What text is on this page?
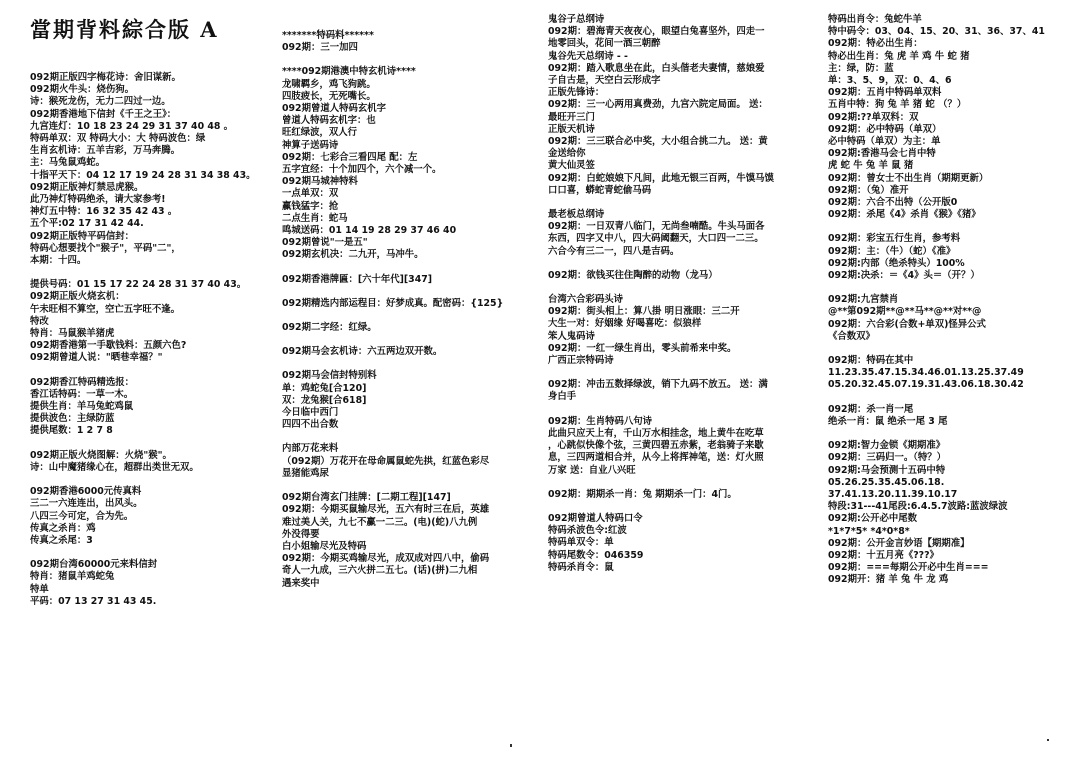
當期背料綜合版 A

092期正版四字梅花诗：舍旧谋新。

092期火牛头：烧伤狗。

诗：猴死龙伤，无力二四过一边。

092期香港地下信封《千王之王》：

九宫连灯：10 18 23 24 29 31 37 40 48 。

特码单双：双 特码大小：大 特码波色：绿

生肖玄机诗：五羊吉彩，万马奔腾。

主：马兔鼠鸡蛇。

十指平天下：04 12 17 19 24 28 31 34 38 43。

092期正版神灯禁忌虎猴。

此乃神灯特码绝杀，请大家参考!

神灯五中特：16 32 35 42 43 。

五个平:02 17 31 42 44.

092期正版特平码信封：

特码心想要找个"猴子"，平码"二"，

本期：十四。

提供号码：01 15 17 22 24 28 31 37 40 43。

092期正版火烧玄机：

午未旺相不算空，空亡五字旺不逢。

特改

特肖：马鼠猴羊猪虎

092期香港第一手歇钱料：五颜六色?

092期曾道人说："晒巷幸福？"

092期香江特码精选报：

香江话特码：一草一木。

提供生肖：羊马兔蛇鸡鼠

提供波色：主绿防蓝

提供尾数：1 2 7 8

092期正版火烧图解：火烧"猴"。

诗：山中魔猪缘心在，超群出类世无双。

092期香港6000元传真料

三二一六连连出，出风头。

八四三今可定，合为先。

传真之杀肖：鸡

传真之杀尾：3

092期台湾60000元来料信封

特肖：猪鼠羊鸡蛇兔

特单

平码：07 13 27 31 43 45.

*******特码料******

092期：三一加四

****092期港澳中特玄机诗****

龙啸羁乡，鸡飞狗跳。

四肢疲长，无死嘴长。

092期曾道人特码玄机字

曾道人特码玄机字：也

旺红绿波，双人行

神算子送码诗

092期：七彩合三看四尾 配：左

五字宜经：十个加四个，六个减一个。

092期马城神特料

一点单双：双

赢钱猛字：抢

二点生肖：蛇马

鸣城送码：01 14 19 28 29 37 46 40

092期曾说"一是五"

092期玄机决：二九开，马冲牛。

092期香港牌匾：[六十年代][347]

092期精选内部运程目：好梦成真。配密码：{125}

092期二字经：红绿。

092期马会玄机诗：六五两边双开数。

092期马会信封特别料

单：鸡蛇兔[合120]

双：龙兔猴[合618]

今日临中西门

四四不出合数

内部万花来料

（092期）万花开在母命属鼠蛇先拱，红蓝色彩尽

显猪能鸡尿

092期台湾玄门挂牌：[二期工程][147]

092期：今期买鼠输尽光，五六有时三在后，英雄

难过美人关，九七不赢一二三。(电)(蛇)八九例

外没得要

白小姐输尽光及特码

092期：今期买鸡输尽光，成双成对四八中，偷码

奇人一九成，三六火拼二五七。(话)(拼)二九相

遇来奖中

鬼谷子总纲诗

092期：碧海青天夜夜心，眼望白兔喜坚外，四走一

地零回头，花间一酒三朝醉

鬼谷先天总纲诗 - -

092期：踏入歌息坐在此，白头偕老夫妻情，慈娘爱

子自古是，天空白云形成字

正版先锋诗：

092期：三一心两用真费劲，九宫六院定局面。 送：

最旺开三门

正版天机诗

092期：三三联合必中奖，大小组合挑二九。 送：黄

金送给你

黄大仙灵签

092期：白蛇娘娘下凡间，此地无银三百两，牛馍马馍

口口喜，蟒蛇青蛇偷马码

最老板总纲诗

092期：一日双青八临门，无尚叁喃酷。牛头马面各

东西，四字又中八，四大码阈翻天，大口四一二三。

六合今有三二一，四八是吉码。

092期：欲钱买往住陶醉的动物（龙马）

台湾六合彩码头诗

092期：街头相上：算八掛 明日涨眼：三二开

大生一对：好姻缘 好喝喜吃：似狼样

笨人鬼码诗

092期：一红一绿生肖出，零头前希来中奖。

广西正宗特码诗

092期：冲击五数择绿波，销下九码不放五。 送：满

身白手

092期：生肖特码八句诗

此曲只应天上有，千山万水相挂念，地上黄牛在吃草

，心跳似快像个弦，三黄四碧五赤紫，老翁骑子来歇

息，三四两道相合并，从今上将挥神笔，送：灯火照

万家 送：自业八兴旺

092期：期期杀一肖：兔 期期杀一门：4门。

092期曾道人特码口令

特码杀波色令:红波

特码单双令：单

特码尾数令：046359

特码杀肖令：鼠

特码出肖令：兔蛇牛羊

特中码令：03、04、15、20、31、36、37、41

092期：特必出生肖：

特必出生肖：兔 虎 羊 鸡 牛 蛇 猪

主：绿，防：蓝

单：3、5、9，双：0、4、6

092期：五肖中特码单双料

五肖中特：狗 兔 羊 猪 蛇 （？）

092期:??单双料：双

092期：必中特码（单双）

必中特码（单双）为主：单

092期:香港马会七肖中特

虎 蛇 牛 兔 羊 鼠 猪

092期：曾女士不出生肖（期期更新）

092期：（兔）准开

092期：六合不出特（公开版0

092期：杀尾《4》杀肖《猴》《猪》

092期：彩宝五行生肖，参考料

092期：主：（牛）（蛇）《准》

092期:内部（绝杀特头）100%

092期:决杀：＝《4》头＝（开？）

092期:九宫禁肖

@**第092期**@**马**@**对**@

092期：六合彩(合数+单双)怪异公式

《合数双》

092期：特码在其中

11.23.35.47.15.34.46.01.13.25.37.49

05.20.32.45.07.19.31.43.06.18.30.42

092期：杀一肖一尾

绝杀一肖：鼠 绝杀一尾 3 尾

092期:智力金锁《期期准》

092期：三码归一。（特？）

092期:马会预测十五码中特

05.26.25.35.45.06.18.

37.41.13.20.11.39.10.17

特段:31---41尾段:6.4.5.7波路:蓝波绿波

092期:公开必中尾数

*1*7*5* *4*0*8*

092期：公开金言妙语【期期准】

092期：十五月亮《???》

092期：===每期公开必中生肖===

092期开：猪 羊 兔 牛 龙 鸡
